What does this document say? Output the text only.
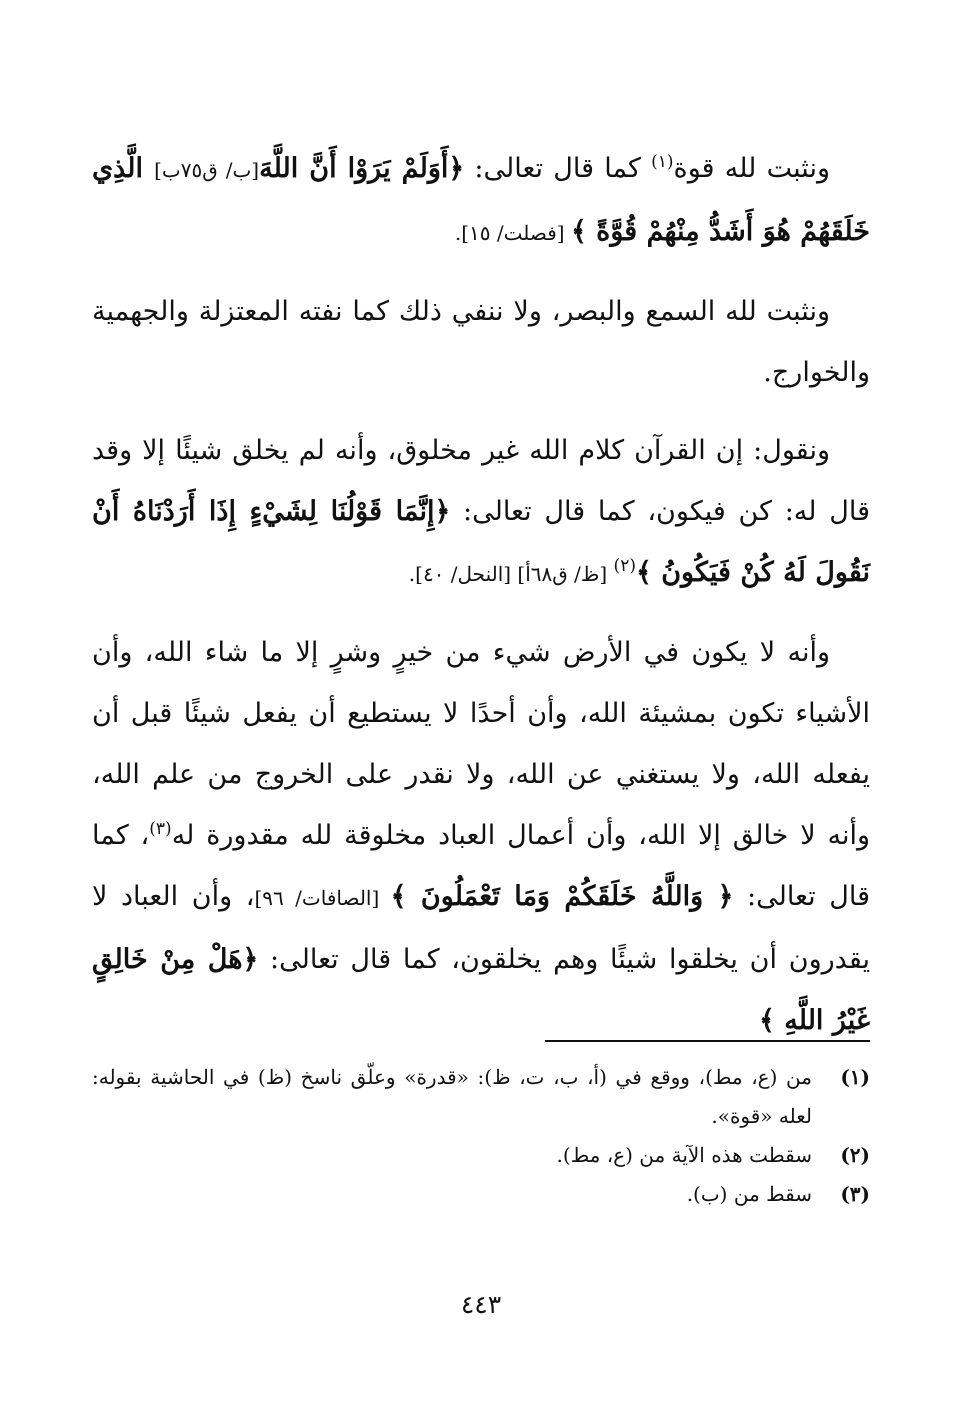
ونثبت لله قوة$^{(١)}$ كما قال تعالى: ﴿أَوَلَمْ يَرَوْا أَنَّ اللَّهَ[ب/ ق٧٥ب] الَّذِي خَلَقَهُمْ هُوَ أَشَدُّ مِنْهُمْ قُوَّةً ﴾ [فصلت/ ١٥].

ونثبت لله السمع والبصر، ولا ننفي ذلك كما نفته المعتزلة والجهمية والخوارج.

ونقول: إن القرآن كلام الله غير مخلوق، وأنه لم يخلق شيئًا إلا وقد قال له: كن فيكون، كما قال تعالى: ﴿إِنَّمَا قَوْلُنَا لِشَيْءٍ إِذَا أَرَدْنَاهُ أَنْ نَقُولَ لَهُ كُنْ فَيَكُونُ ﴾$^{(٢)}$ [ظ/ ق٦٨أ] [النحل/ ٤٠].

وأنه لا يكون في الأرض شيء من خيرٍ وشرٍ إلا ما شاء الله، وأن الأشياء تكون بمشيئة الله، وأن أحدًا لا يستطيع أن يفعل شيئًا قبل أن يفعله الله، ولا يستغني عن الله، ولا نقدر على الخروج من علم الله، وأنه لا خالق إلا الله، وأن أعمال العباد مخلوقة لله مقدورة له$^{(٣)}$، كما قال تعالى: ﴿ وَاللَّهُ خَلَقَكُمْ وَمَا تَعْمَلُونَ ﴾ [الصافات/ ٩٦]، وأن العباد لا يقدرون أن يخلقوا شيئًا وهم يخلقون، كما قال تعالى: ﴿هَلْ مِنْ خَالِقٍ غَيْرُ اللَّهِ ﴾

(١)
من (ع، مط)، ووقع في (أ، ب، ت، ظ): «قدرة» وعلّق ناسخ (ظ) في الحاشية بقوله: لعله «قوة».
(٢)
سقطت هذه الآية من (ع، مط).
(٣)
سقط من (ب).
٤٤٣
